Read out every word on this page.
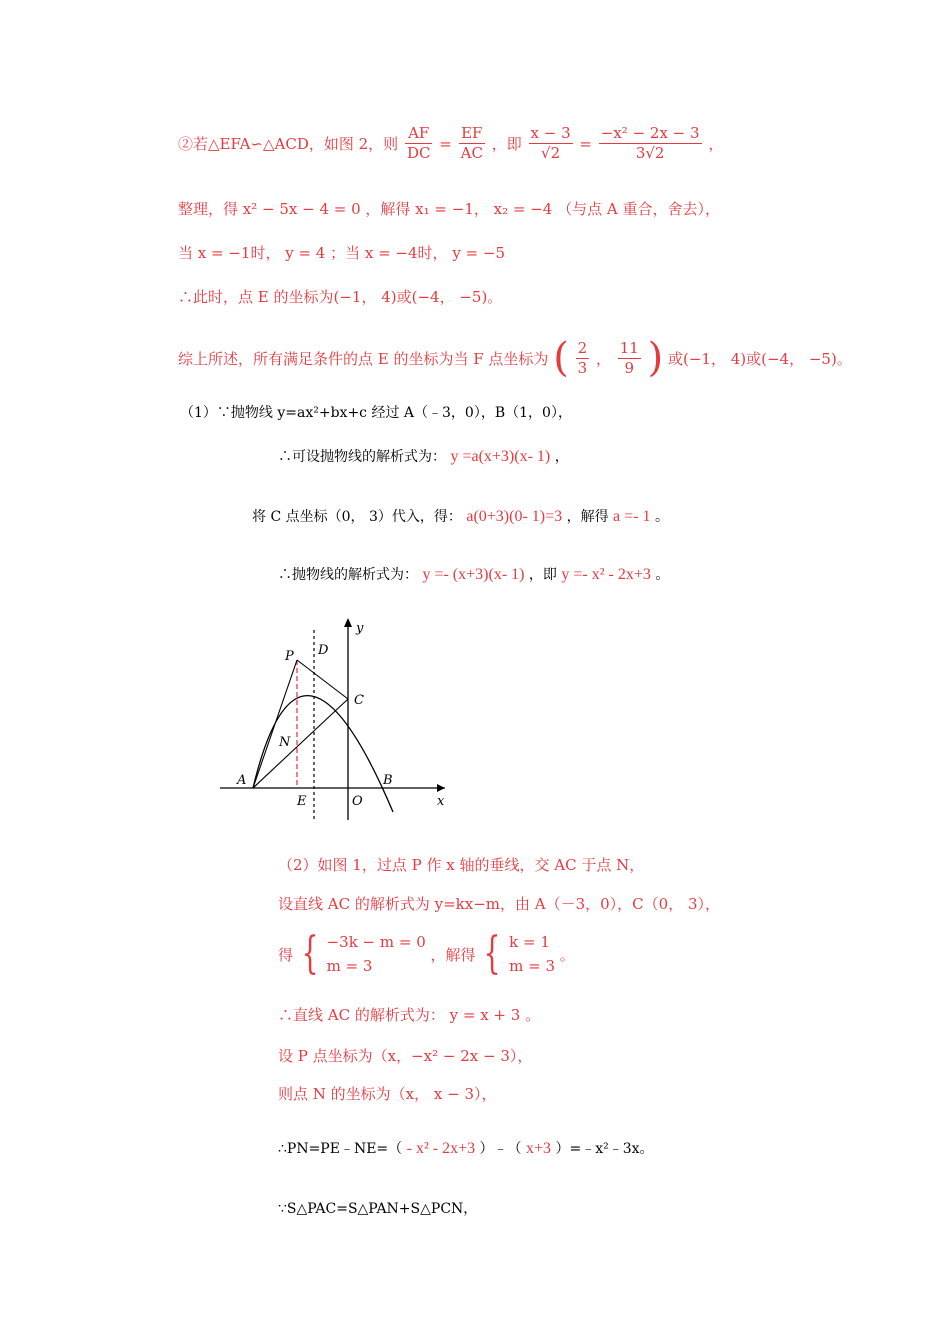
②若△EFA∽△ACD，如图 2，则 $\frac{AF}{DC} = \frac{EF}{AC}$ ，即 $\frac{x - 3}{√2} = \frac{\text{−x² − 2x − 3}}{3√2}$ ，
整理，得 x² − 5x − 4 = 0 ，解得 x₁ = −1， x₂ = −4 （与点 A 重合，舍去），
当 x = −1时， y = 4 ；当 x = −4时， y = −5
∴此时，点 E 的坐标为(−1， 4)或(−4， −5)。
综上所述，所有满足条件的点 E 的坐标为当 F 点坐标为 ( $\frac{2}{3}$ ， $\frac{11}{9}$ ) 或(−1， 4)或(−4， −5)。
（1）∵抛物线 y=ax²+bx+c 经过 A（﹣3，0），B（1，0），
∴可设抛物线的解析式为： y =a(x+3)(x- 1) ，
将 C 点坐标（0， 3）代入，得： a(0+3)(0- 1)=3 ，解得 a =- 1 。
∴抛物线的解析式为： y =- (x+3)(x- 1) ，即 y =- x² - 2x+3 。
P D
C
N
A	B
E	O	x
y
（2）如图 1，过点 P 作 x 轴的垂线，交 AC 于点 N，
设直线 AC 的解析式为 y=kx−m，由 A（－3，0），C（0， 3），
得 { −3k − m = 0
m = 3
，解得 { k = 1
m = 3
。
∴直线 AC 的解析式为： y = x + 3 。
设 P 点坐标为（x，−x² − 2x − 3），
则点 N 的坐标为（x， x − 3），
∴PN=PE﹣NE=（ - x² - 2x+3 ）﹣（ x+3 ）=﹣x²﹣3x。
∵S△PAC=S△PAN+S△PCN，
